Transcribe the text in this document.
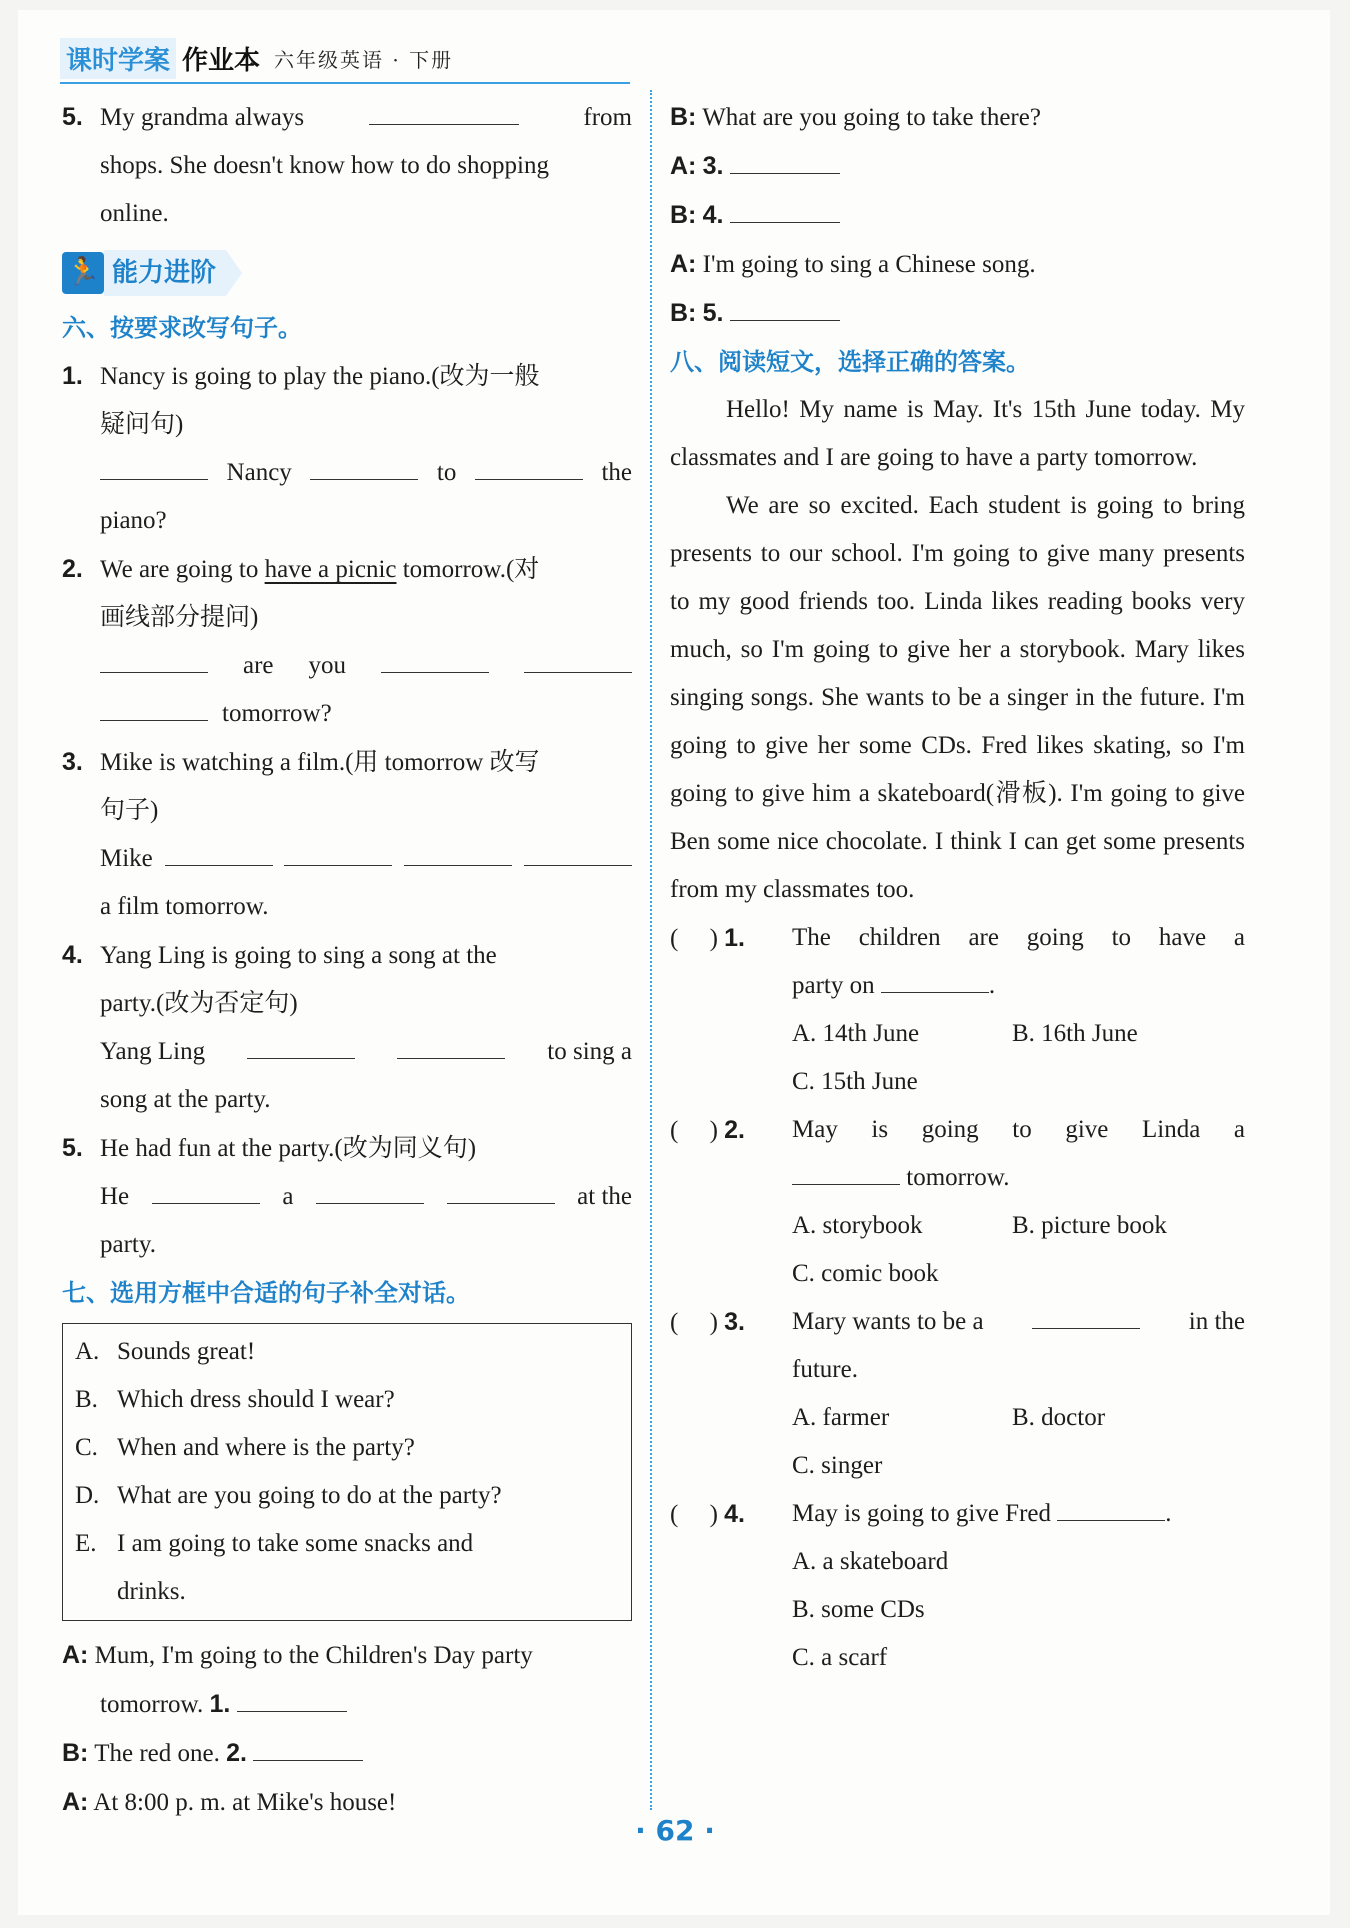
课时学案 作业本 六年级英语 · 下册
5. My grandma always	from
shops. She doesn't know how to do shopping
online.
🏃 能力进阶
六、按要求改写句子。
1. Nancy is going to play the piano.(改为一般
疑问句)
Nancy	to	the
piano?
2. We are going to have a picnic tomorrow.(对
画线部分提问)
are you
tomorrow?
3. Mike is watching a film.(用 tomorrow 改写
句子)
Mike
a film tomorrow.
4. Yang Ling is going to sing a song at the
party.(改为否定句)
Yang Ling	to sing a
song at the party.
5. He had fun at the party.(改为同义句)
He	a	at the
party.
七、选用方框中合适的句子补全对话。
A. Sounds great!
B. Which dress should I wear?
C. When and where is the party?
D. What are you going to do at the party?
E. I am going to take some snacks and
drinks.
A: Mum, I'm going to the Children's Day party
tomorrow. 1.
B: The red one. 2.
A: At 8:00 p. m. at Mike's house!
B: What are you going to take there?
A: 3.
B: 4.
A: I'm going to sing a Chinese song.
B: 5.
八、阅读短文，选择正确的答案。

Hello! My name is May. It's 15th June today. My classmates and I are going to have a party tomorrow.

We are so excited. Each student is going to bring presents to our school. I'm going to give many presents to my good friends too. Linda likes reading books very much, so I'm going to give her a storybook. Mary likes singing songs. She wants to be a singer in the future. I'm going to give her some CDs. Fred likes skating, so I'm going to give him a skateboard(滑板). I'm going to give Ben some nice chocolate. I think I can get some presents from my classmates too.

(     ) 1.	The children are going to have a
party on	.
A. 14th June	B. 16th June
C. 15th June
(     ) 2.	May is going to give Linda a
tomorrow.
A. storybook	B. picture book
C. comic book
(     ) 3.	Mary wants to be a	in the
future.
A. farmer	B. doctor
C. singer
(     ) 4.	May is going to give Fred	.
A. a skateboard
B. some CDs
C. a scarf
· 62 ·
